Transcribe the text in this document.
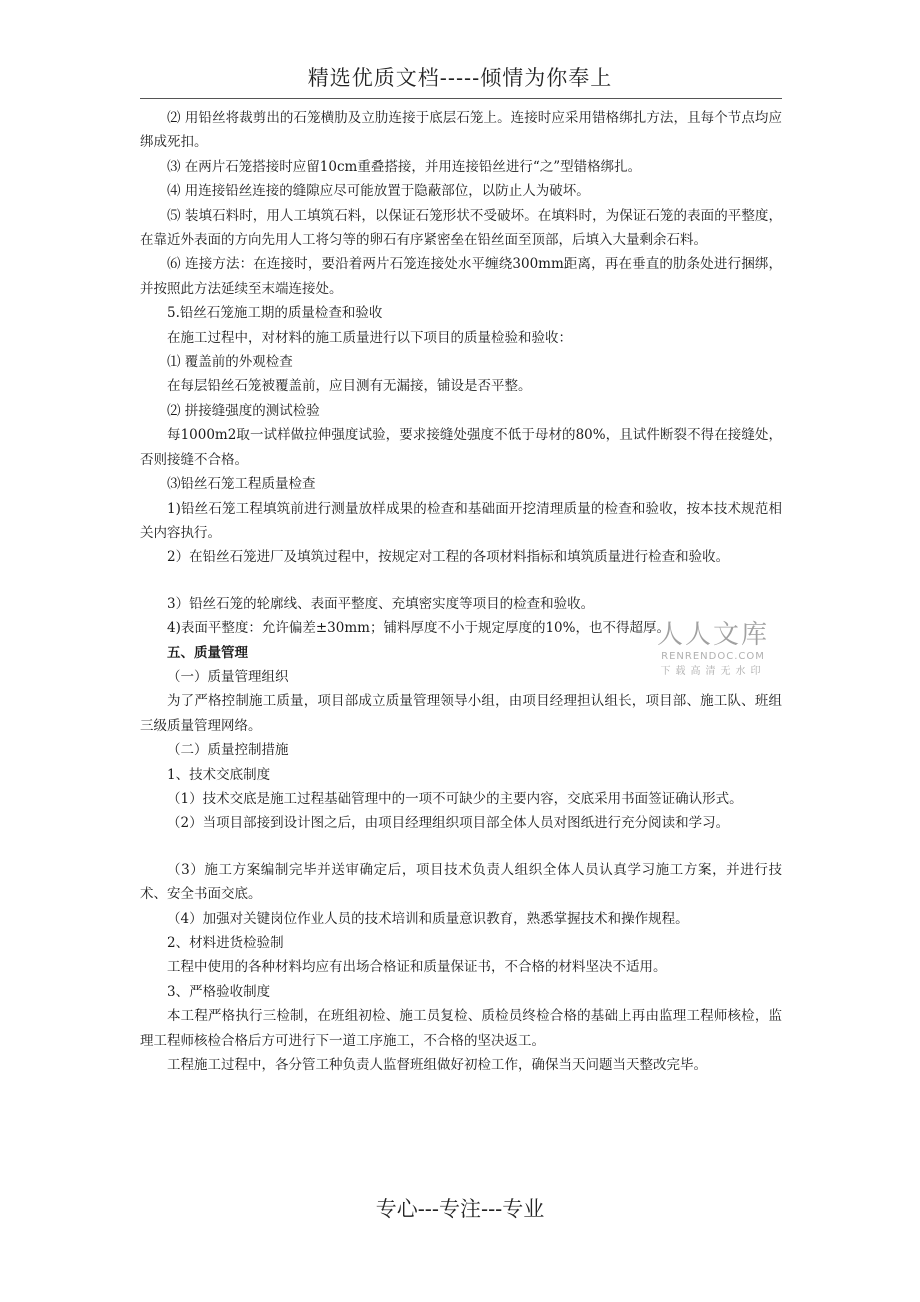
精选优质文档-----倾情为你奉上

⑵ 用铅丝将裁剪出的石笼横肋及立肋连接于底层石笼上。连接时应采用错格绑扎方法，且每个节点均应绑成死扣。

⑶ 在两片石笼搭接时应留10cm重叠搭接，并用连接铅丝进行“之”型错格绑扎。

⑷ 用连接铅丝连接的缝隙应尽可能放置于隐蔽部位，以防止人为破坏。

⑸ 装填石料时，用人工填筑石料，以保证石笼形状不受破坏。在填料时，为保证石笼的表面的平整度，在靠近外表面的方向先用人工将匀等的卵石有序紧密垒在铅丝面至顶部，后填入大量剩余石料。

⑹ 连接方法：在连接时，要沿着两片石笼连接处水平缠绕300mm距离，再在垂直的肋条处进行捆绑，并按照此方法延续至末端连接处。

5.铅丝石笼施工期的质量检查和验收

在施工过程中，对材料的施工质量进行以下项目的质量检验和验收：

⑴ 覆盖前的外观检查

在每层铅丝石笼被覆盖前，应目测有无漏接，铺设是否平整。

⑵ 拼接缝强度的测试检验

每1000m2取一试样做拉伸强度试验，要求接缝处强度不低于母材的80%，且试件断裂不得在接缝处，否则接缝不合格。

⑶铅丝石笼工程质量检查

1)铅丝石笼工程填筑前进行测量放样成果的检查和基础面开挖清理质量的检查和验收，按本技术规范相关内容执行。

2）在铅丝石笼进厂及填筑过程中，按规定对工程的各项材料指标和填筑质量进行检查和验收。

3）铅丝石笼的轮廓线、表面平整度、充填密实度等项目的检查和验收。

4)表面平整度：允许偏差±30mm；铺料厚度不小于规定厚度的10%，也不得超厚。

五、质量管理

（一）质量管理组织

为了严格控制施工质量，项目部成立质量管理领导小组，由项目经理担认组长，项目部、施工队、班组三级质量管理网络。

（二）质量控制措施

1、技术交底制度

（1）技术交底是施工过程基础管理中的一项不可缺少的主要内容，交底采用书面签证确认形式。

（2）当项目部接到设计图之后，由项目经理组织项目部全体人员对图纸进行充分阅读和学习。

（3）施工方案编制完毕并送审确定后，项目技术负责人组织全体人员认真学习施工方案，并进行技术、安全书面交底。

（4）加强对关键岗位作业人员的技术培训和质量意识教育，熟悉掌握技术和操作规程。

2、材料进货检验制

工程中使用的各种材料均应有出场合格证和质量保证书，不合格的材料坚决不适用。

3、严格验收制度

本工程严格执行三检制，在班组初检、施工员复检、质检员终检合格的基础上再由监理工程师核检，监理工程师核检合格后方可进行下一道工序施工，不合格的坚决返工。

工程施工过程中，各分管工种负责人监督班组做好初检工作，确保当天问题当天整改完毕。

人人文库
RENRENDOC.COM
下载高清无水印
专心---专注---专业
